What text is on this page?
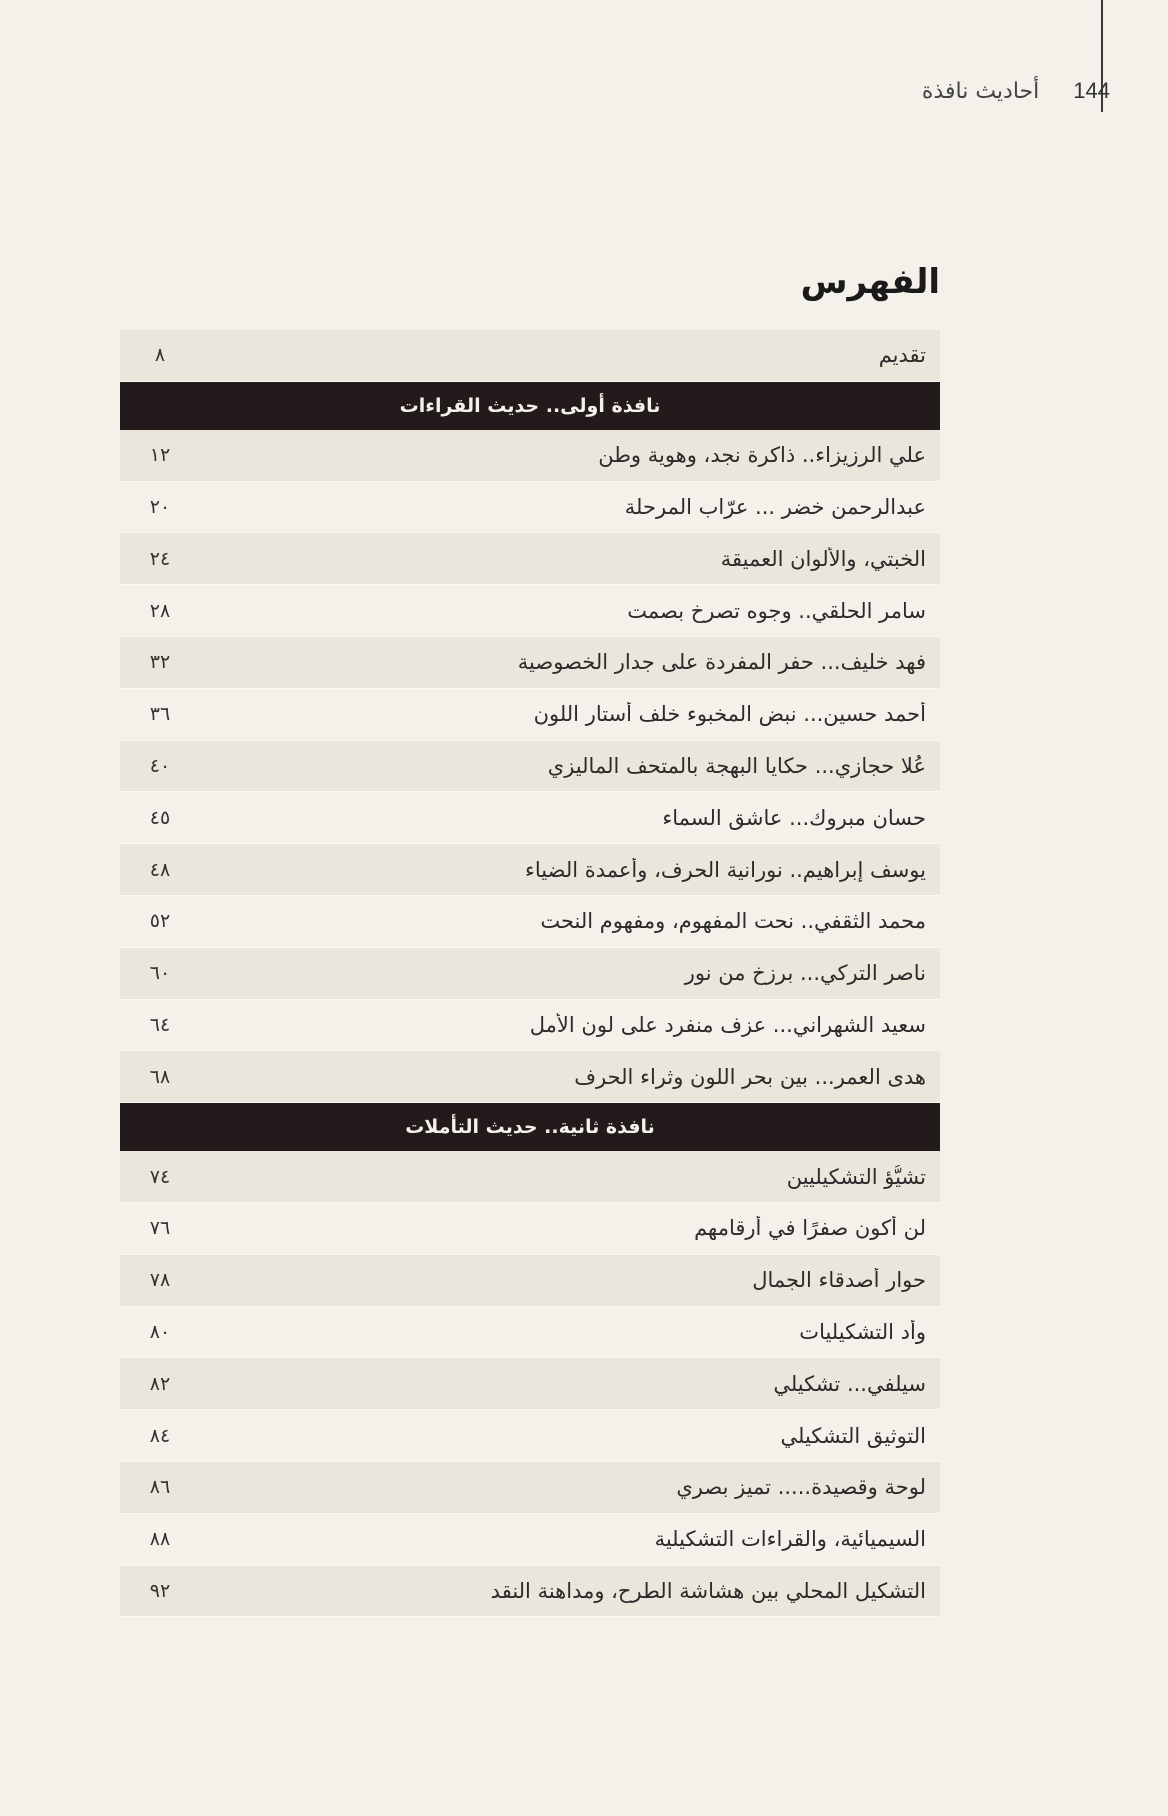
144
أحاديث نافذة
الفهرس
تقديم
٨
نافذة أولى.. حديث القراءات
علي الرزيزاء.. ذاكرة نجد، وهوية وطن
١٢
عبدالرحمن خضر ... عرّاب المرحلة
٢٠
الخبتي، والألوان العميقة
٢٤
سامر الحلقي.. وجوه تصرخ بصمت
٢٨
فهد خليف... حفر المفردة على جدار الخصوصية
٣٢
أحمد حسين... نبض المخبوء خلف أستار اللون
٣٦
عُلا حجازي... حكايا البهجة بالمتحف الماليزي
٤٠
حسان مبروك... عاشق السماء
٤٥
يوسف إبراهيم.. نورانية الحرف، وأعمدة الضياء
٤٨
محمد الثقفي.. نحت المفهوم، ومفهوم النحت
٥٢
ناصر التركي... برزخ من نور
٦٠
سعيد الشهراني... عزف منفرد على لون الأمل
٦٤
هدى العمر... بين بحر اللون وثراء الحرف
٦٨
نافذة ثانية.. حديث التأملات
تشيُّؤ التشكيليين
٧٤
لن أكون صفرًا في أرقامهم
٧٦
حوار أصدقاء الجمال
٧٨
وأد التشكيليات
٨٠
سيلفي... تشكيلي
٨٢
التوثيق التشكيلي
٨٤
لوحة وقصيدة..... تميز بصري
٨٦
السيميائية، والقراءات التشكيلية
٨٨
التشكيل المحلي بين هشاشة الطرح، ومداهنة النقد
٩٢
